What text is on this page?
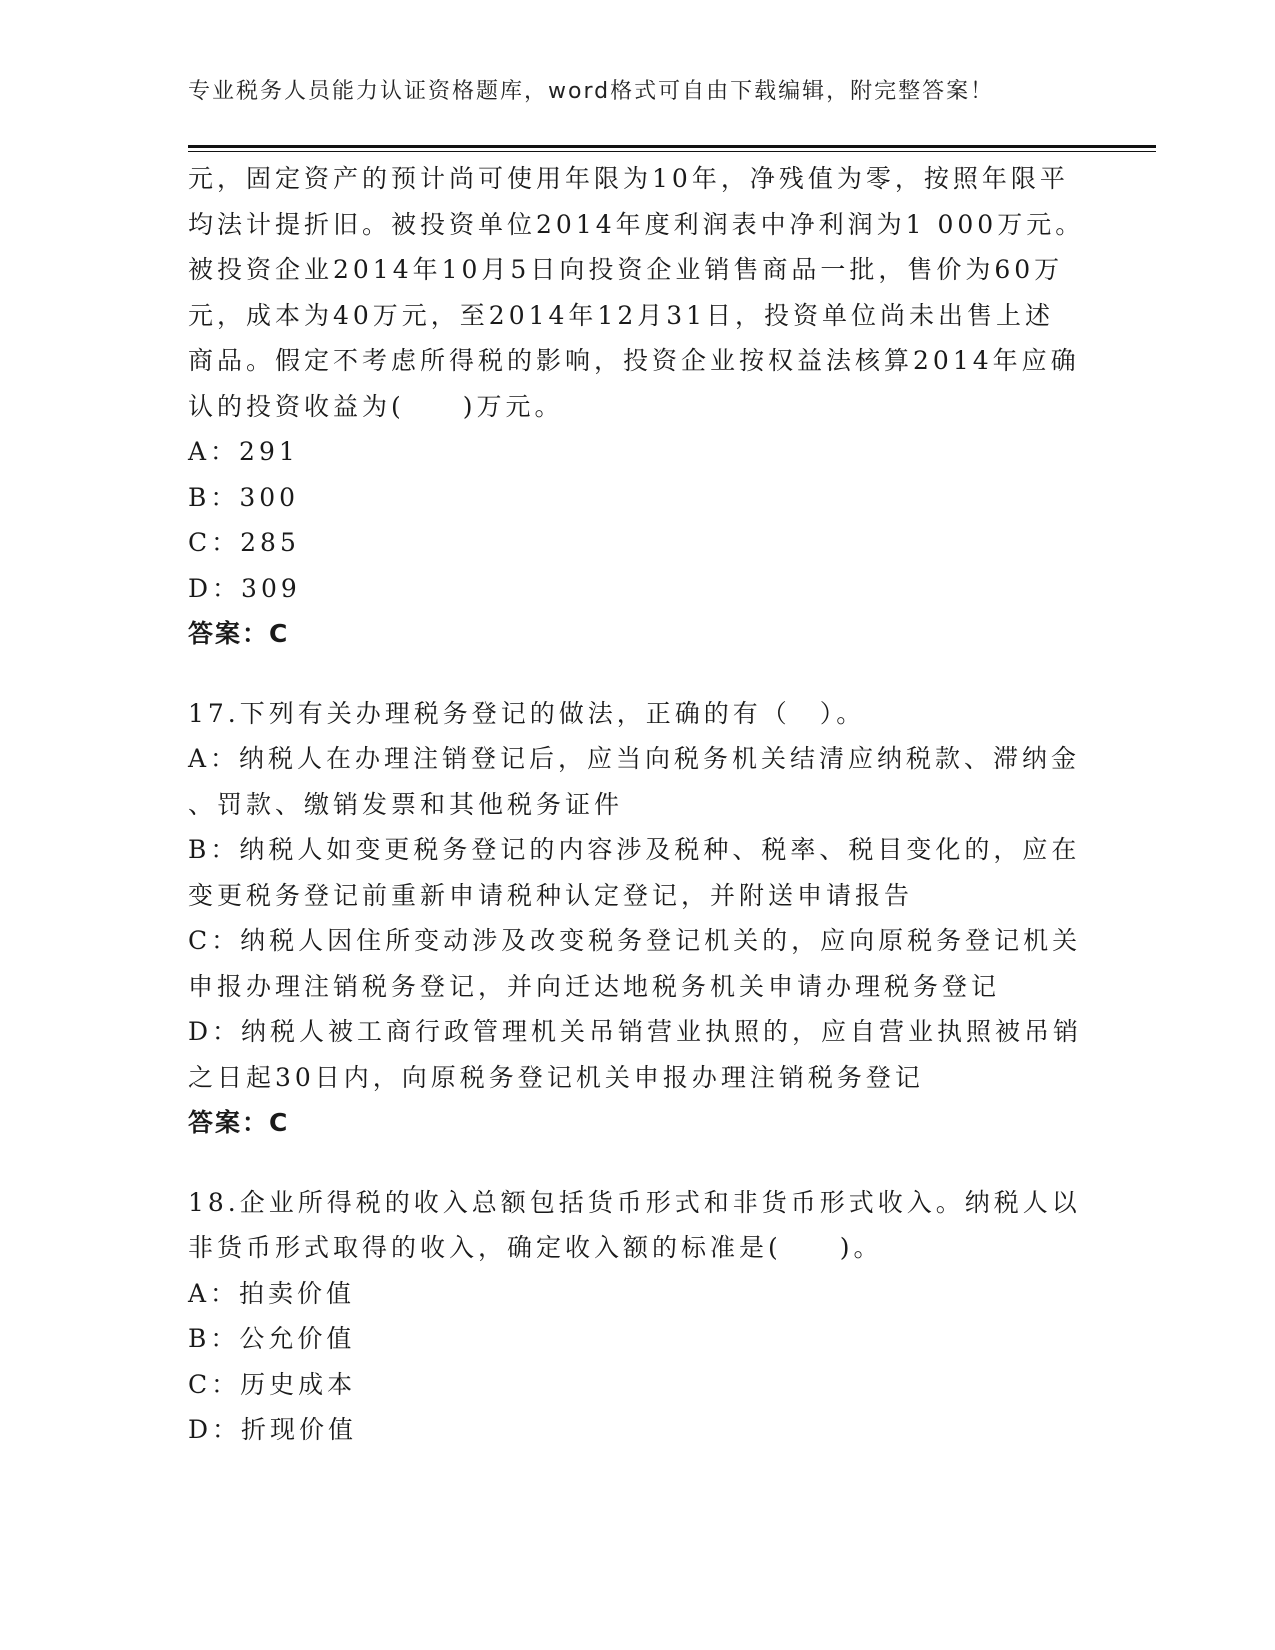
专业税务人员能力认证资格题库，word格式可自由下载编辑，附完整答案！
元，固定资产的预计尚可使用年限为10年，净残值为零，按照年限平
均法计提折旧。被投资单位2014年度利润表中净利润为1 000万元。
被投资企业2014年10月5日向投资企业销售商品一批，售价为60万
元，成本为40万元，至2014年12月31日，投资单位尚未出售上述
商品。假定不考虑所得税的影响，投资企业按权益法核算2014年应确
认的投资收益为(　　)万元。
A：291
B：300
C：285
D：309
答案：C
17.下列有关办理税务登记的做法，正确的有（　）。
A：纳税人在办理注销登记后，应当向税务机关结清应纳税款、滞纳金
、罚款、缴销发票和其他税务证件
B：纳税人如变更税务登记的内容涉及税种、税率、税目变化的，应在
变更税务登记前重新申请税种认定登记，并附送申请报告
C：纳税人因住所变动涉及改变税务登记机关的，应向原税务登记机关
申报办理注销税务登记，并向迁达地税务机关申请办理税务登记
D：纳税人被工商行政管理机关吊销营业执照的，应自营业执照被吊销
之日起30日内，向原税务登记机关申报办理注销税务登记
答案：C
18.企业所得税的收入总额包括货币形式和非货币形式收入。纳税人以
非货币形式取得的收入，确定收入额的标准是(　　)。
A：拍卖价值
B：公允价值
C：历史成本
D：折现价值
